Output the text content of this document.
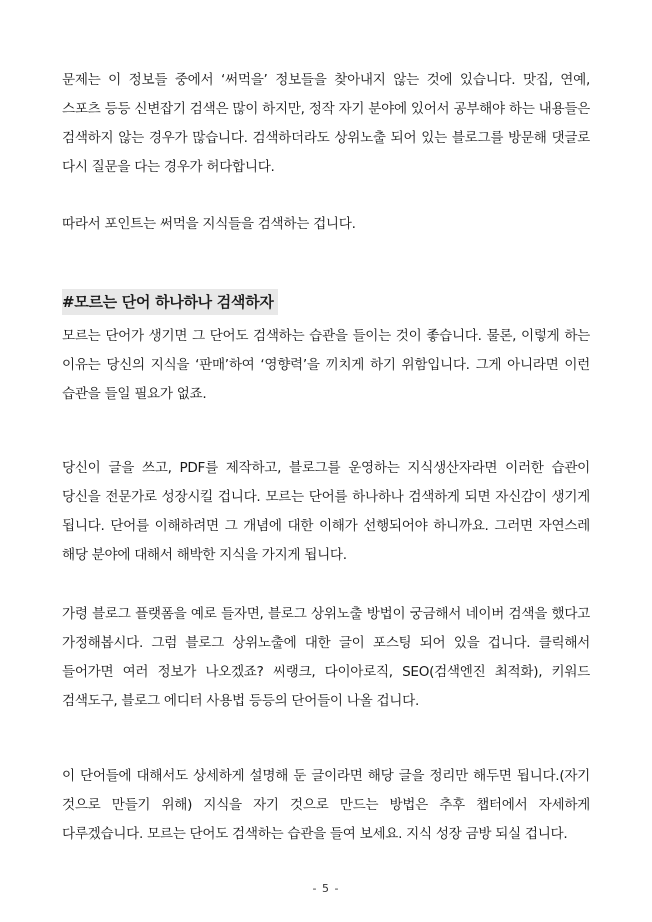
문제는 이 정보들 중에서 ‘써먹을’ 정보들을 찾아내지 않는 것에 있습니다. 맛집, 연예, 스포츠 등등 신변잡기 검색은 많이 하지만, 정작 자기 분야에 있어서 공부해야 하는 내용들은 검색하지 않는 경우가 많습니다. 검색하더라도 상위노출 되어 있는 블로그를 방문해 댓글로 다시 질문을 다는 경우가 허다합니다.

따라서 포인트는 써먹을 지식들을 검색하는 겁니다.

#모르는 단어 하나하나 검색하자

모르는 단어가 생기면 그 단어도 검색하는 습관을 들이는 것이 좋습니다. 물론, 이렇게 하는 이유는 당신의 지식을 ‘판매’하여 ‘영향력’을 끼치게 하기 위함입니다. 그게 아니라면 이런 습관을 들일 필요가 없죠.

당신이 글을 쓰고, PDF를 제작하고, 블로그를 운영하는 지식생산자라면 이러한 습관이 당신을 전문가로 성장시킬 겁니다. 모르는 단어를 하나하나 검색하게 되면 자신감이 생기게 됩니다. 단어를 이해하려면 그 개념에 대한 이해가 선행되어야 하니까요. 그러면 자연스레 해당 분야에 대해서 해박한 지식을 가지게 됩니다.

가령 블로그 플랫폼을 예로 들자면, 블로그 상위노출 방법이 궁금해서 네이버 검색을 했다고 가정해봅시다. 그럼 블로그 상위노출에 대한 글이 포스팅 되어 있을 겁니다. 클릭해서 들어가면 여러 정보가 나오겠죠? 씨랭크, 다이아로직, SEO(검색엔진 최적화), 키워드 검색도구, 블로그 에디터 사용법 등등의 단어들이 나올 겁니다.

이 단어들에 대해서도 상세하게 설명해 둔 글이라면 해당 글을 정리만 해두면 됩니다.(자기 것으로 만들기 위해) 지식을 자기 것으로 만드는 방법은 추후 챕터에서 자세하게 다루겠습니다. 모르는 단어도 검색하는 습관을 들여 보세요. 지식 성장 금방 되실 겁니다.

- 5 -
